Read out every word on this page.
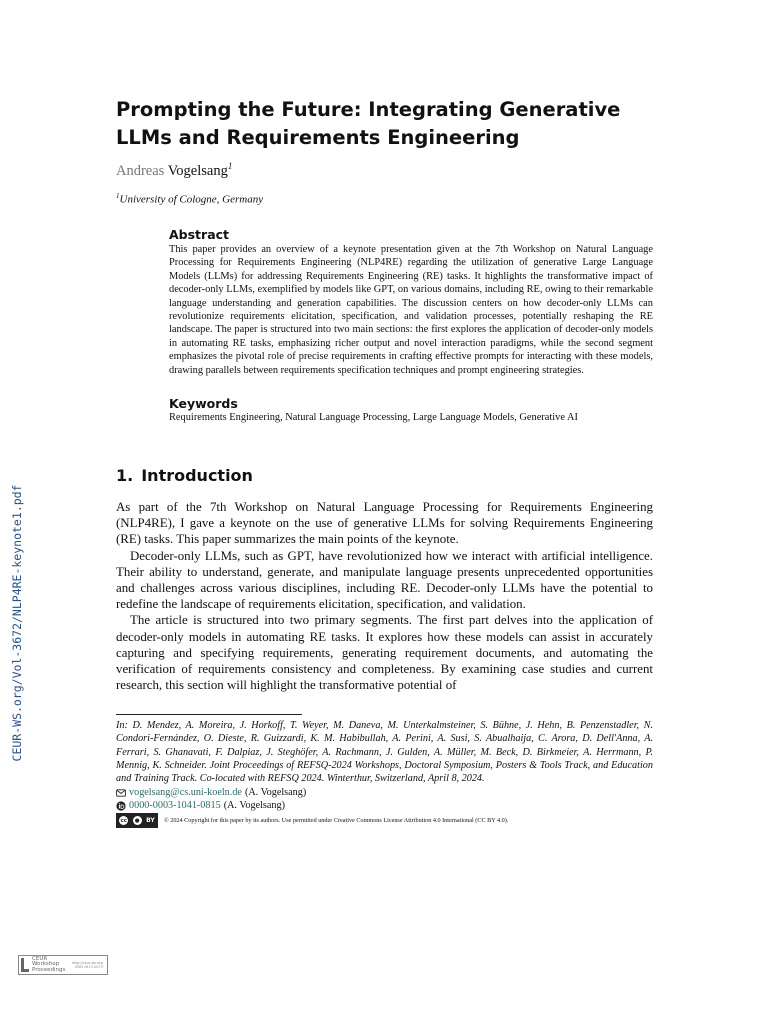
CEUR-WS.org/Vol-3672/NLP4RE-keynote1.pdf
Prompting the Future: Integrating Generative LLMs and Requirements Engineering
Andreas Vogelsang$^1$
$^1$University of Cologne, Germany
Abstract

This paper provides an overview of a keynote presentation given at the 7th Workshop on Natural Language Processing for Requirements Engineering (NLP4RE) regarding the utilization of generative Large Language Models (LLMs) for addressing Requirements Engineering (RE) tasks. It highlights the transformative impact of decoder-only LLMs, exemplified by models like GPT, on various domains, including RE, owing to their remarkable language understanding and generation capabilities. The discussion centers on how decoder-only LLMs can revolutionize requirements elicitation, specification, and validation processes, potentially reshaping the RE landscape. The paper is structured into two main sections: the first explores the application of decoder-only models in automating RE tasks, emphasizing richer output and novel interaction paradigms, while the second segment emphasizes the pivotal role of precise requirements in crafting effective prompts for interacting with these models, drawing parallels between requirements specification techniques and prompt engineering strategies.

Keywords
Requirements Engineering, Natural Language Processing, Large Language Models, Generative AI
1. Introduction

As part of the 7th Workshop on Natural Language Processing for Requirements Engineering (NLP4RE), I gave a keynote on the use of generative LLMs for solving Requirements Engineering (RE) tasks. This paper summarizes the main points of the keynote.

Decoder-only LLMs, such as GPT, have revolutionized how we interact with artificial intelligence. Their ability to understand, generate, and manipulate language presents unprecedented opportunities and challenges across various disciplines, including RE. Decoder-only LLMs have the potential to redefine the landscape of requirements elicitation, specification, and validation.

The article is structured into two primary segments. The first part delves into the application of decoder-only models in automating RE tasks. It explores how these models can assist in accurately capturing and specifying requirements, generating requirement documents, and automating the verification of requirements consistency and completeness. By examining case studies and current research, this section will highlight the transformative potential of

In: D. Mendez, A. Moreira, J. Horkoff, T. Weyer, M. Daneva, M. Unterkalmsteiner, S. Bühne, J. Hehn, B. Penzenstadler, N. Condori-Fernández, O. Dieste, R. Guizzardi, K. M. Habibullah, A. Perini, A. Susi, S. Abualhaija, C. Arora, D. Dell'Anna, A. Ferrari, S. Ghanavati, F. Dalpiaz, J. Steghöfer, A. Rachmann, J. Gulden, A. Müller, M. Beck, D. Birkmeier, A. Herrmann, P. Mennig, K. Schneider. Joint Proceedings of REFSQ-2024 Workshops, Doctoral Symposium, Posters & Tools Track, and Education and Training Track. Co-located with REFSQ 2024. Winterthur, Switzerland, April 8, 2024.

vogelsang@cs.uni-koeln.de (A. Vogelsang)
0000-0003-1041-0815 (A. Vogelsang)
cc	●	BY © 2024 Copyright for this paper by its authors. Use permitted under Creative Commons License Attribution 4.0 International (CC BY 4.0).
CEUR
Workshop
Proceedings
http://ceur-ws.org
ISSN 1613-0073
